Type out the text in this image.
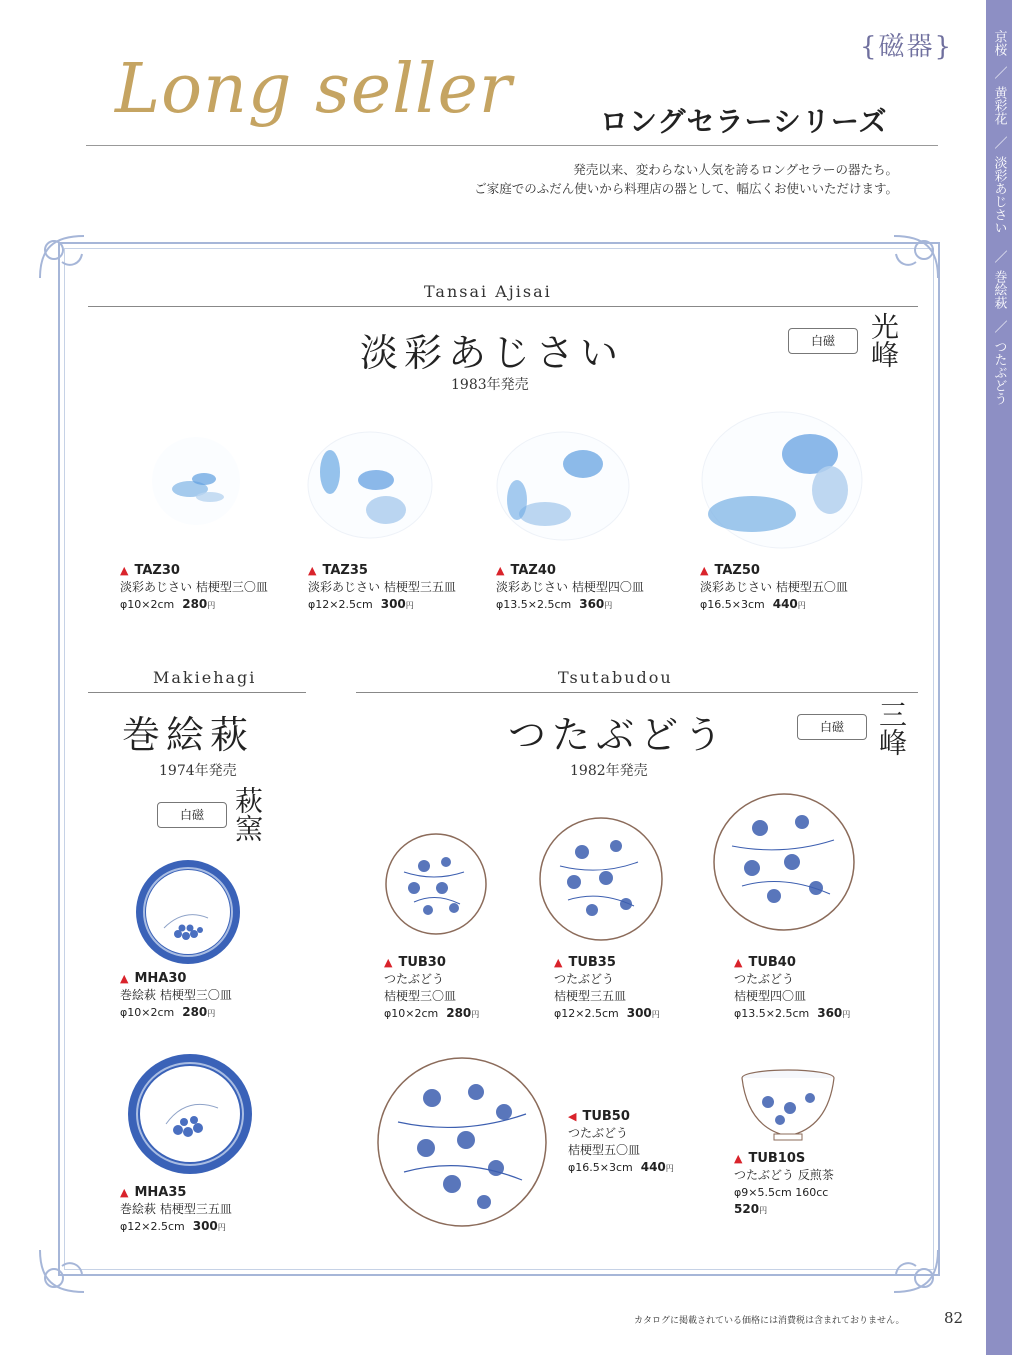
京桜
／
黄彩花
／
淡彩あじさい
／
巻絵萩
／
つたぶどう
{磁器}
Long seller	ロングセラーシリーズ
発売以来、変わらない人気を誇るロングセラーの器たち。
ご家庭でのふだん使いから料理店の器として、幅広くお使いいただけます。
Tansai Ajisai
淡彩あじさい
1983年発売
白磁	光峰
▲ TAZ30
淡彩あじさい 桔梗型三〇皿
φ10×2cm 280円
▲ TAZ35
淡彩あじさい 桔梗型三五皿
φ12×2.5cm 300円
▲ TAZ40
淡彩あじさい 桔梗型四〇皿
φ13.5×2.5cm 360円
▲ TAZ50
淡彩あじさい 桔梗型五〇皿
φ16.5×3cm 440円
Makiehagi
巻絵萩
1974年発売
白磁 萩窯
▲ MHA30
巻絵萩 桔梗型三〇皿
φ10×2cm 280円
▲ MHA35
巻絵萩 桔梗型三五皿
φ12×2.5cm 300円
Tsutabudou
つたぶどう
1982年発売
白磁	三峰
▲ TUB30
つたぶどう
桔梗型三〇皿
φ10×2cm 280円
▲ TUB35
つたぶどう
桔梗型三五皿
φ12×2.5cm 300円
▲ TUB40
つたぶどう
桔梗型四〇皿
φ13.5×2.5cm 360円
◀ TUB50
つたぶどう
桔梗型五〇皿
φ16.5×3cm 440円
▲ TUB10S
つたぶどう 反煎茶
φ9×5.5cm 160cc
520円
カタログに掲載されている価格には消費税は含まれておりません。	82
